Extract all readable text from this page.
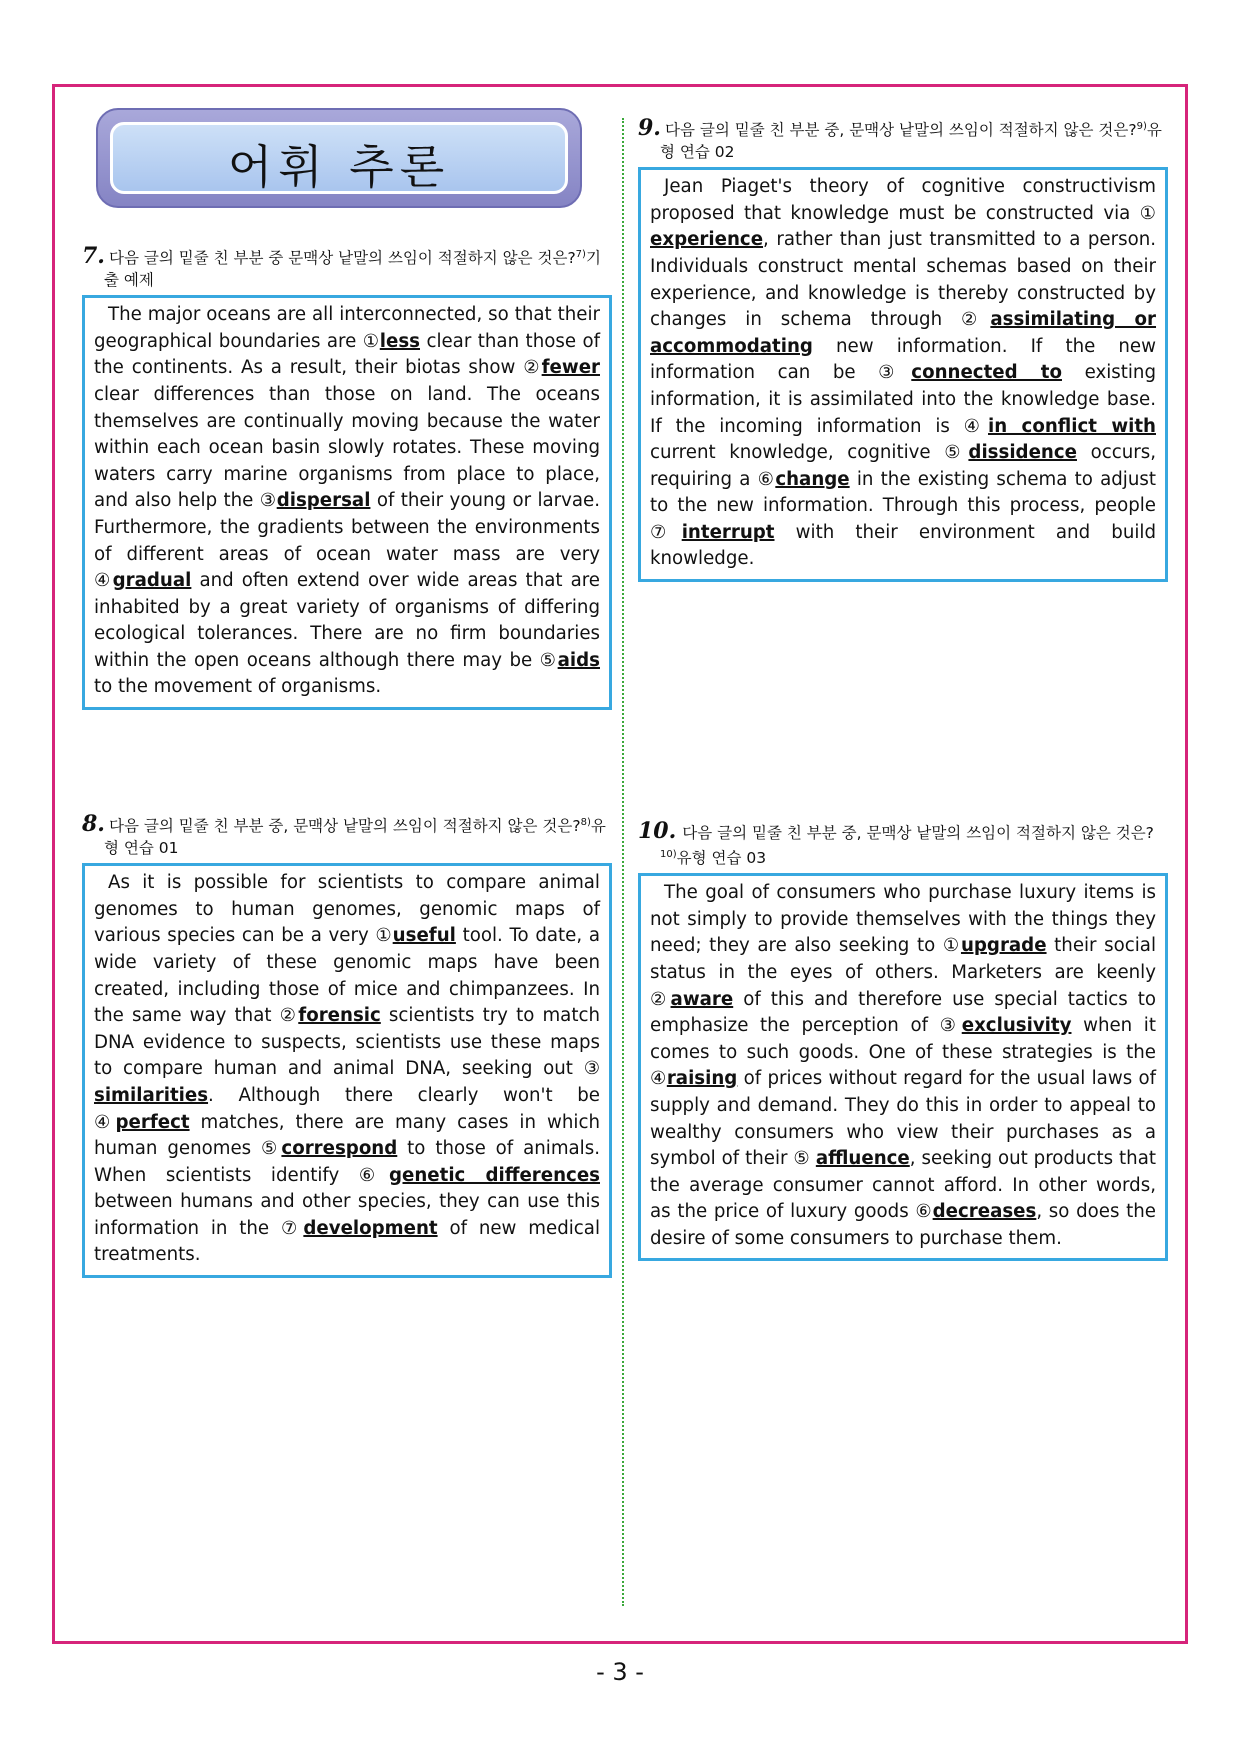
어휘 추론
7. 다음 글의 밑줄 친 부분 중 문맥상 낱말의 쓰임이 적절하지 않은 것은?$^{7)}$기출 예제

The major oceans are all interconnected, so that their geographical boundaries are ①less clear than those of the continents. As a result, their biotas show ②fewer clear differences than those on land. The oceans themselves are continually moving because the water within each ocean basin slowly rotates. These moving waters carry marine organisms from place to place, and also help the ③dispersal of their young or larvae. Furthermore, the gradients between the environments of different areas of ocean water mass are very ④gradual and often extend over wide areas that are inhabited by a great variety of organisms of differing ecological tolerances. There are no firm boundaries within the open oceans although there may be ⑤aids to the movement of organisms.

8. 다음 글의 밑줄 친 부분 중, 문맥상 낱말의 쓰임이 적절하지 않은 것은?$^{8)}$유형 연습 01

As it is possible for scientists to compare animal genomes to human genomes, genomic maps of various species can be a very ①useful tool. To date, a wide variety of these genomic maps have been created, including those of mice and chimpanzees. In the same way that ②forensic scientists try to match DNA evidence to suspects, scientists use these maps to compare human and animal DNA, seeking out ③ similarities. Although there clearly won't be ④perfect matches, there are many cases in which human genomes ⑤correspond to those of animals. When scientists identify ⑥genetic differences between humans and other species, they can use this information in the ⑦development of new medical treatments.

9. 다음 글의 밑줄 친 부분 중, 문맥상 낱말의 쓰임이 적절하지 않은 것은?$^{9)}$유형 연습 02

Jean Piaget's theory of cognitive constructivism proposed that knowledge must be constructed via ① experience, rather than just transmitted to a person. Individuals construct mental schemas based on their experience, and knowledge is thereby constructed by changes in schema through ②assimilating or accommodating new information. If the new information can be ③connected to existing information, it is assimilated into the knowledge base. If the incoming information is ④in conflict with current knowledge, cognitive ⑤dissidence occurs, requiring a ⑥change in the existing schema to adjust to the new information. Through this process, people ⑦interrupt with their environment and build knowledge.

10. 다음 글의 밑줄 친 부분 중, 문맥상 낱말의 쓰임이 적절하지 않은 것은?$^{10)}$유형 연습 03

The goal of consumers who purchase luxury items is not simply to provide themselves with the things they need; they are also seeking to ①upgrade their social status in the eyes of others. Marketers are keenly ②aware of this and therefore use special tactics to emphasize the perception of ③exclusivity when it comes to such goods. One of these strategies is the ④raising of prices without regard for the usual laws of supply and demand. They do this in order to appeal to wealthy consumers who view their purchases as a symbol of their ⑤ affluence, seeking out products that the average consumer cannot afford. In other words, as the price of luxury goods ⑥decreases, so does the desire of some consumers to purchase them.

- 3 -
